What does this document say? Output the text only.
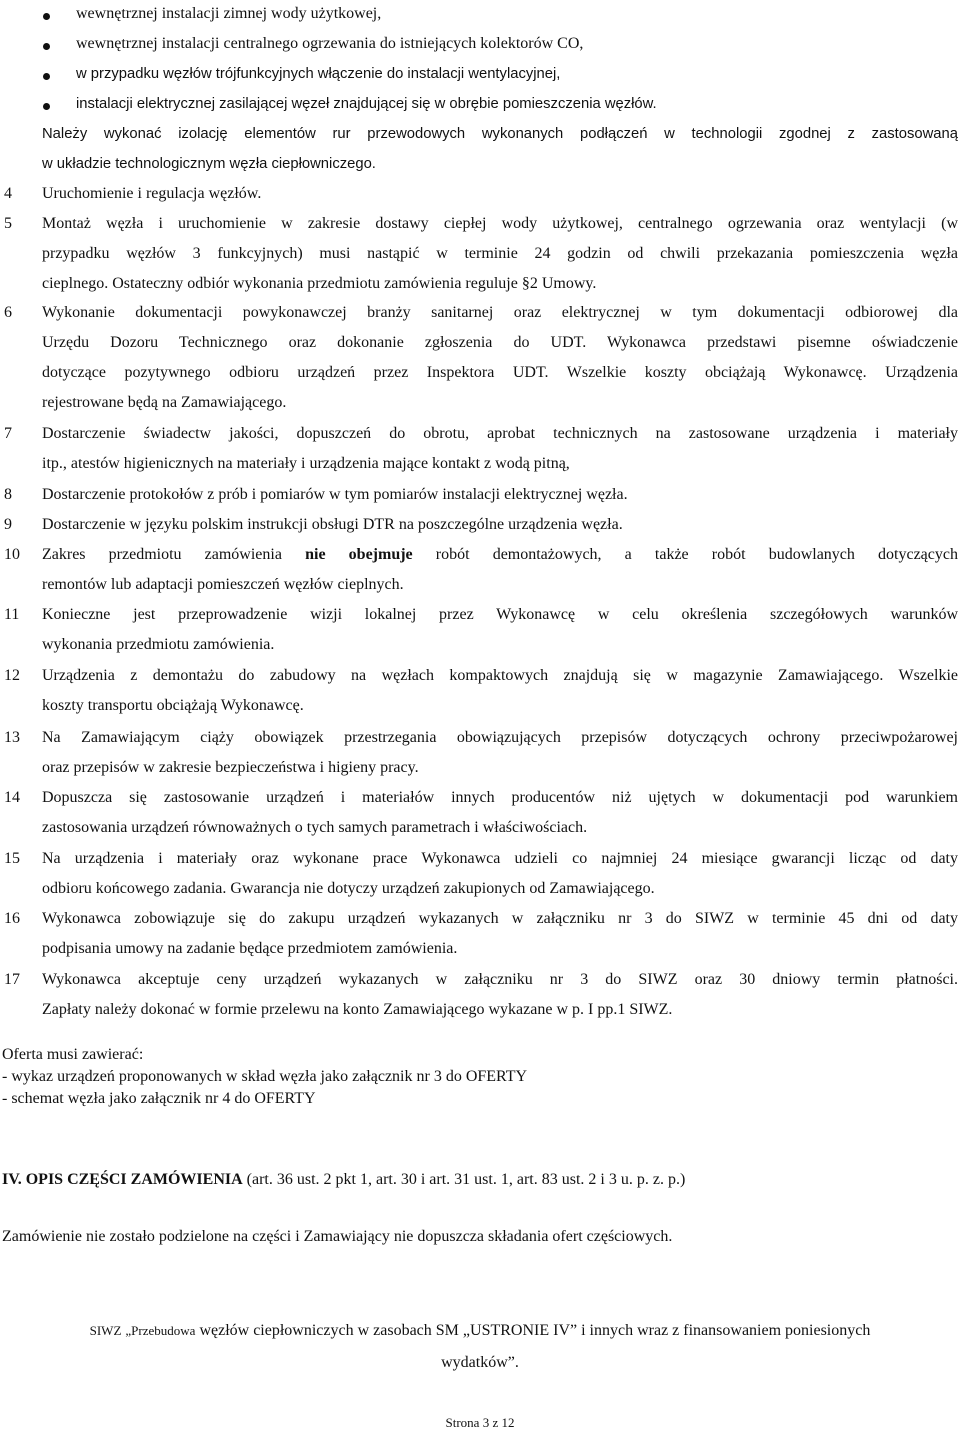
wewnętrznej instalacji zimnej wody użytkowej,
wewnętrznej instalacji centralnego ogrzewania do istniejących kolektorów CO,
w przypadku węzłów trójfunkcyjnych włączenie do instalacji wentylacyjnej,
instalacji elektrycznej zasilającej węzeł znajdującej się w obrębie pomieszczenia węzłów.
Należy wykonać izolację elementów rur przewodowych wykonanych podłączeń w technologii zgodnej z zastosowaną
w układzie technologicznym węzła ciepłowniczego.
4 Uruchomienie i regulacja węzłów.
5 Montaż węzła i uruchomienie w zakresie dostawy ciepłej wody użytkowej, centralnego ogrzewania oraz wentylacji (w
przypadku węzłów 3 funkcyjnych) musi nastąpić w terminie 24 godzin od chwili przekazania pomieszczenia węzła
cieplnego. Ostateczny odbiór wykonania przedmiotu zamówienia reguluje §2 Umowy.
6 Wykonanie dokumentacji powykonawczej branży sanitarnej oraz elektrycznej w tym dokumentacji odbiorowej dla
Urzędu Dozoru Technicznego oraz dokonanie zgłoszenia do UDT. Wykonawca przedstawi pisemne oświadczenie
dotyczące pozytywnego odbioru urządzeń przez Inspektora UDT. Wszelkie koszty obciążają Wykonawcę. Urządzenia
rejestrowane będą na Zamawiającego.
7 Dostarczenie świadectw jakości, dopuszczeń do obrotu, aprobat technicznych na zastosowane urządzenia i materiały
itp., atestów higienicznych na materiały i urządzenia mające kontakt z wodą pitną,
8 Dostarczenie protokołów z prób i pomiarów w tym pomiarów instalacji elektrycznej węzła.
9 Dostarczenie w języku polskim instrukcji obsługi DTR na poszczególne urządzenia węzła.
10 Zakres przedmiotu zamówienia nie obejmuje robót demontażowych, a także robót budowlanych dotyczących
remontów lub adaptacji pomieszczeń węzłów cieplnych.
11 Konieczne jest przeprowadzenie wizji lokalnej przez Wykonawcę w celu określenia szczegółowych warunków
wykonania przedmiotu zamówienia.
12 Urządzenia z demontażu do zabudowy na węzłach kompaktowych znajdują się w magazynie Zamawiającego. Wszelkie
koszty transportu obciążają Wykonawcę.
13 Na Zamawiającym ciąży obowiązek przestrzegania obowiązujących przepisów dotyczących ochrony przeciwpożarowej
oraz przepisów w zakresie bezpieczeństwa i higieny pracy.
14 Dopuszcza się zastosowanie urządzeń i materiałów innych producentów niż ujętych w dokumentacji pod warunkiem
zastosowania urządzeń równoważnych o tych samych parametrach i właściwościach.
15 Na urządzenia i materiały oraz wykonane prace Wykonawca udzieli co najmniej 24 miesiące gwarancji licząc od daty
odbioru końcowego zadania. Gwarancja nie dotyczy urządzeń zakupionych od Zamawiającego.
16 Wykonawca zobowiązuje się do zakupu urządzeń wykazanych w załączniku nr 3 do SIWZ w terminie 45 dni od daty
podpisania umowy na zadanie będące przedmiotem zamówienia.
17 Wykonawca akceptuje ceny urządzeń wykazanych w załączniku nr 3 do SIWZ oraz 30 dniowy termin płatności.
Zapłaty należy dokonać w formie przelewu na konto Zamawiającego wykazane w p. I pp.1 SIWZ.
Oferta musi zawierać:
- wykaz urządzeń proponowanych w skład węzła jako załącznik nr 3 do OFERTY
- schemat węzła jako załącznik nr 4 do OFERTY
IV. OPIS CZĘŚCI ZAMÓWIENIA (art. 36 ust. 2 pkt 1, art. 30 i art. 31 ust. 1, art. 83 ust. 2 i 3 u. p. z. p.)
Zamówienie nie zostało podzielone na części i Zamawiający nie dopuszcza składania ofert częściowych.
SIWZ „Przebudowa węzłów ciepłowniczych w zasobach SM „USTRONIE IV” i innych wraz z finansowaniem poniesionych
wydatków”.
Strona 3 z 12
